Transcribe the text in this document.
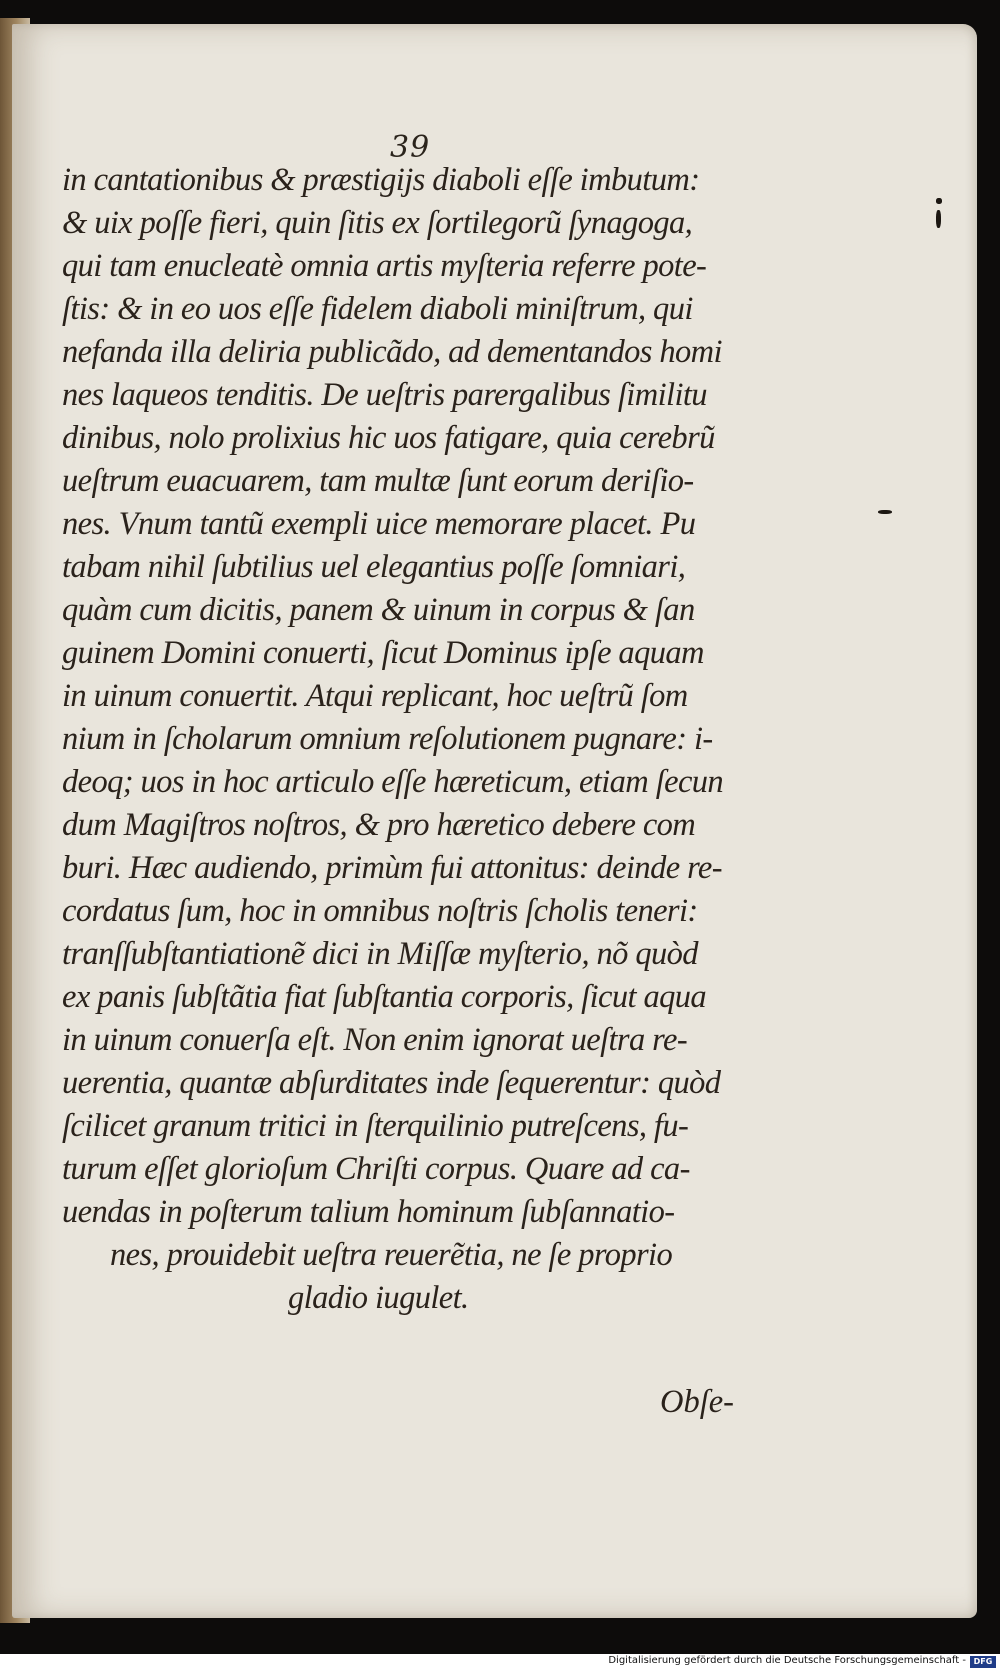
39
in cantationibus & præstigijs diaboli eſſe imbutum:
& uix poſſe fieri, quin ſitis ex ſortilegorũ ſynagoga,
qui tam enucleatè omnia artis myſteria referre pote-
ſtis: & in eo uos eſſe fidelem diaboli miniſtrum, qui
nefanda illa deliria publicãdo, ad dementandos homi
nes laqueos tenditis. De ueſtris parergalibus ſimilitu
dinibus, nolo prolixius hic uos fatigare, quia cerebrũ
ueſtrum euacuarem, tam multæ ſunt eorum deriſio-
nes. Vnum tantũ exempli uice memorare placet. Pu
tabam nihil ſubtilius uel elegantius poſſe ſomniari,
quàm cum dicitis, panem & uinum in corpus & ſan
guinem Domini conuerti, ſicut Dominus ipſe aquam
in uinum conuertit. Atqui replicant, hoc ueſtrũ ſom
nium in ſcholarum omnium reſolutionem pugnare: i-
deoq; uos in hoc articulo eſſe hæreticum, etiam ſecun
dum Magiſtros noſtros, & pro hæretico debere com
buri. Hæc audiendo, primùm fui attonitus: deinde re-
cordatus ſum, hoc in omnibus noſtris ſcholis teneri:
tranſſubſtantiationẽ dici in Miſſæ myſterio, nõ quòd
ex panis ſubſtãtia fiat ſubſtantia corporis, ſicut aqua
in uinum conuerſa eſt. Non enim ignorat ueſtra re-
uerentia, quantæ abſurditates inde ſequerentur: quòd
ſcilicet granum tritici in ſterquilinio putreſcens, fu-
turum eſſet glorioſum Chriſti corpus. Quare ad ca-
uendas in poſterum talium hominum ſubſannatio-
nes, prouidebit ueſtra reuerẽtia, ne ſe proprio
gladio iugulet.
Obſe-
Digitalisierung gefördert durch die Deutsche Forschungsgemeinschaft - DFG
